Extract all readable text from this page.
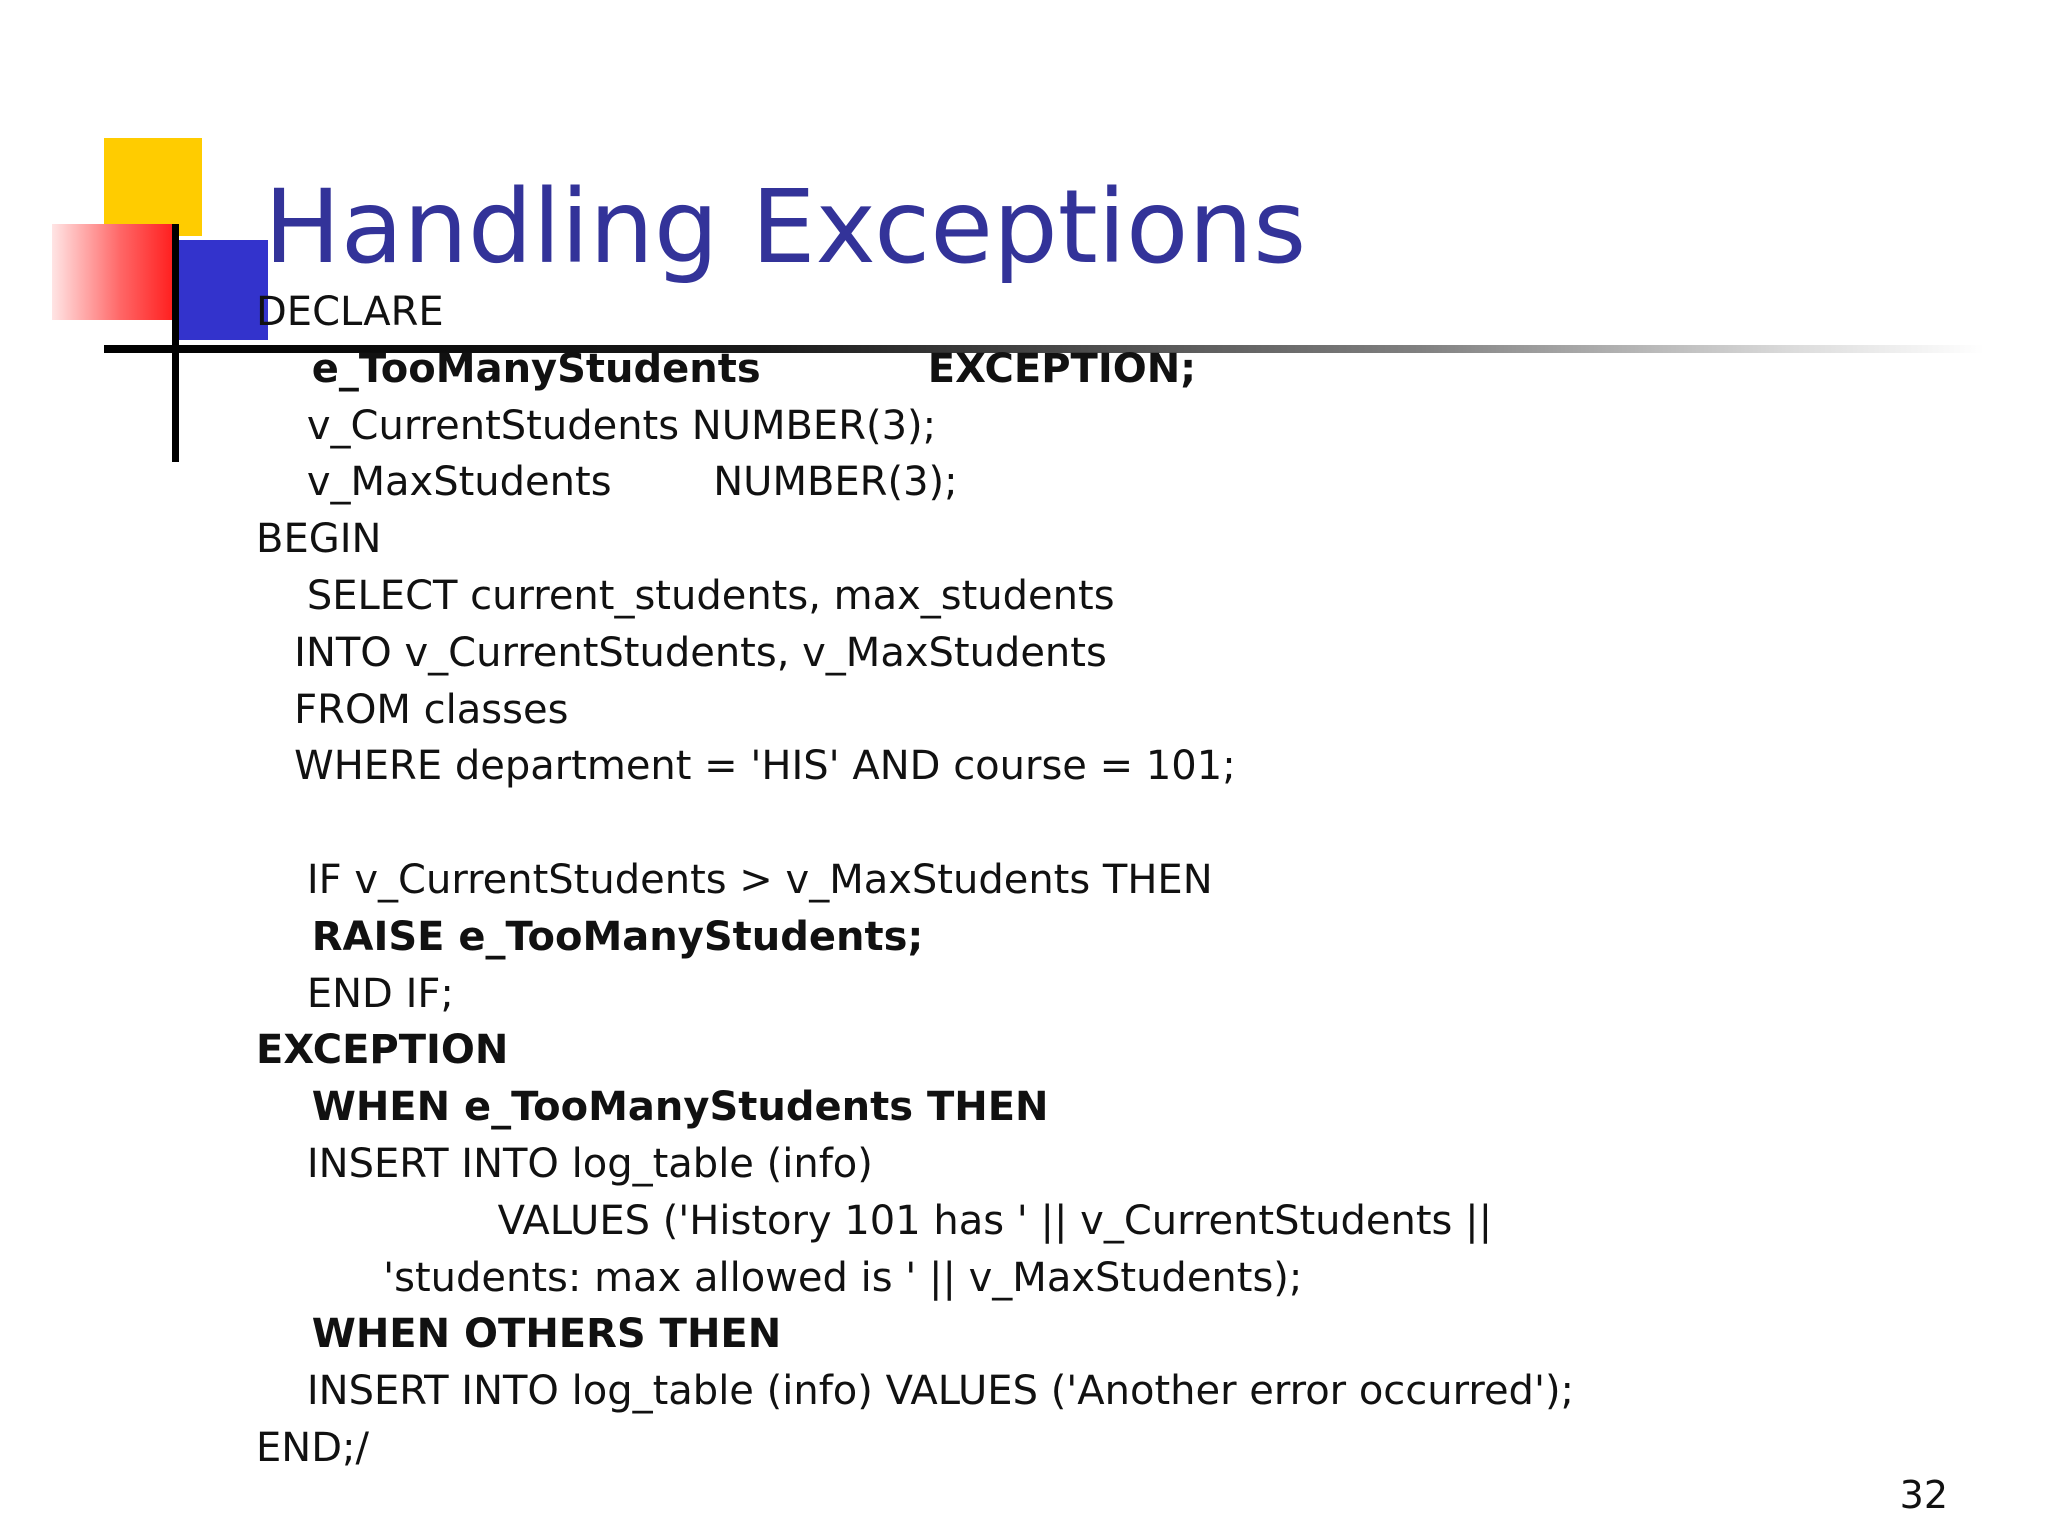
Handling Exceptions
DECLARE
e_TooManyStudents            EXCEPTION;
v_CurrentStudents NUMBER(3);
v_MaxStudents        NUMBER(3);
BEGIN
SELECT current_students, max_students
INTO v_CurrentStudents, v_MaxStudents
FROM classes
WHERE department = 'HIS' AND course = 101;
IF v_CurrentStudents > v_MaxStudents THEN
RAISE e_TooManyStudents;
END IF;
EXCEPTION
WHEN e_TooManyStudents THEN
INSERT INTO log_table (info)
VALUES ('History 101 has ' || v_CurrentStudents ||
'students: max allowed is ' || v_MaxStudents);
WHEN OTHERS THEN
INSERT INTO log_table (info) VALUES ('Another error occurred');
END;/
32
